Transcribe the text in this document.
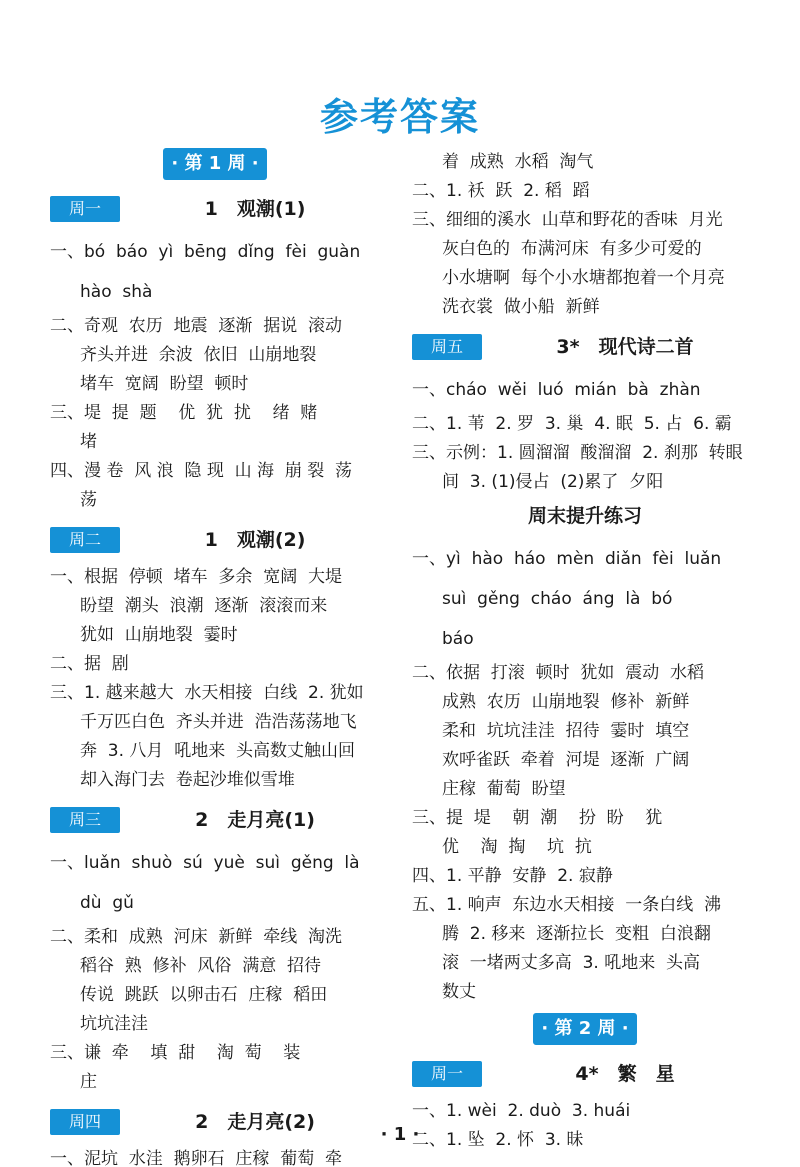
参考答案
· 第 1 周 ·
周一	1　观潮(1)
一、bó  báo  yì  bēng  dǐng  fèi  guàn
hào  shà
二、奇观  农历  地震  逐渐  据说  滚动
齐头并进  余波  依旧  山崩地裂
堵车  宽阔  盼望  顿时
三、堤  提  题    优  犹  扰    绪  赌
堵
四、漫 卷  风 浪  隐 现  山 海  崩 裂  荡
荡
周二	1　观潮(2)
一、根据  停顿  堵车  多余  宽阔  大堤
盼望  潮头  浪潮  逐渐  滚滚而来
犹如  山崩地裂  霎时
二、据  剧
三、1. 越来越大  水天相接  白线  2. 犹如
千万匹白色  齐头并进  浩浩荡荡地飞
奔  3. 八月  吼地来  头高数丈触山回
却入海门去  卷起沙堆似雪堆
周三	2　走月亮(1)
一、luǎn  shuò  sú  yuè  suì  gěng  là
dù  gǔ
二、柔和  成熟  河床  新鲜  牵线  淘洗
稻谷  熟  修补  风俗  满意  招待
传说  跳跃  以卵击石  庄稼  稻田
坑坑洼洼
三、谦  牵    填  甜    淘  萄    装
庄
周四	2　走月亮(2)
一、泥坑  水洼  鹅卵石  庄稼  葡萄  牵
着  成熟  水稻  淘气
二、1. 袄  跃  2. 稻  蹈
三、细细的溪水  山草和野花的香味  月光
灰白色的  布满河床  有多少可爱的
小水塘啊  每个小水塘都抱着一个月亮
洗衣裳  做小船  新鲜
周五	3*　现代诗二首
一、cháo  wěi  luó  mián  bà  zhàn
二、1. 苇  2. 罗  3. 巢  4. 眠  5. 占  6. 霸
三、示例：1. 圆溜溜  酸溜溜  2. 刹那  转眼
间  3. (1)侵占  (2)累了  夕阳
周末提升练习
一、yì  hào  háo  mèn  diǎn  fèi  luǎn
suì  gěng  cháo  áng  là  bó
báo
二、依据  打滚  顿时  犹如  震动  水稻
成熟  农历  山崩地裂  修补  新鲜
柔和  坑坑洼洼  招待  霎时  填空
欢呼雀跃  牵着  河堤  逐渐  广阔
庄稼  葡萄  盼望
三、提  堤    朝  潮    扮  盼    犹
优    淘  掏    坑  抗
四、1. 平静  安静  2. 寂静
五、1. 响声  东边水天相接  一条白线  沸
腾  2. 移来  逐渐拉长  变粗  白浪翻
滚  一堵两丈多高  3. 吼地来  头高
数丈
· 第 2 周 ·
周一	4*　繁　星
一、1. wèi  2. duò  3. huái
二、1. 坠  2. 怀  3. 昧
· 1 ·
